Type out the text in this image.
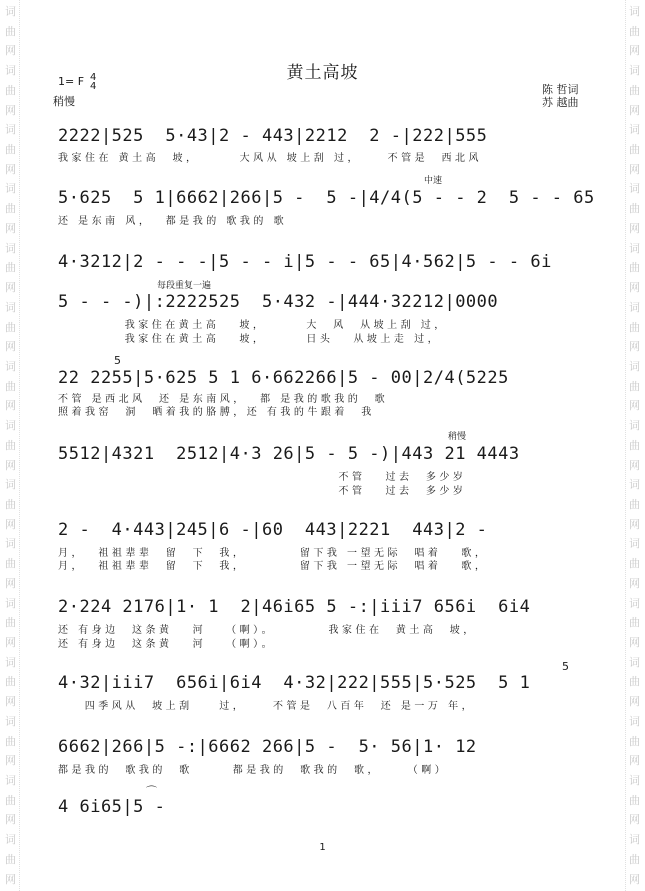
词
曲
网
词
曲
网
词
曲
网
词
曲
网
词
曲
网
词
曲
网
词
曲
网
词
曲
网
词
曲
网
词
曲
网
词
曲
网
词
曲
网
词
曲
网
词
曲
网
词
曲
网
词
曲
网
词
曲
网
词
曲
网
词
曲
网
词
曲
网
词
曲
网
词
曲
网
词
曲
网
词
曲
网
词
曲
网
词
曲
网
词
曲
网
词
曲
网
词
曲
网
词
曲
网
黄土高坡
1= F 4
4
稍慢
陈 哲词
苏 越曲
2222|525  5·43|2 - 443|2212  2 -|222|555
我家住在 黄土高  坡，      大风从 坡上刮 过，    不管是  西北风
中速
5·625  5 1|6662|266|5 -  5 -|4/4(5 - - 2  5 - - 65
还 是东南 风，  都是我的 歌我的 歌
4·3212|2 - - -|5 - - i|5 - - 65|4·562|5 - - 6i
每段重复一遍
5 - - -)|:2222525  5·432 -|444·32212|0000
我家住在黄土高   坡，      大  风  从坡上刮 过，
我家住在黄土高   坡，      日头   从坡上走 过，
5
22 2255|5·625 5 1 6·662266|5 - 00|2/4(5225
不管 是西北风  还 是东南风，  都 是我的歌我的  歌
照着我窑  洞  晒着我的胳膊，还 有我的牛跟着  我
稍慢
5512|4321  2512|4·3 26|5 - 5 -)|443 21 4443
不管   过去  多少岁
不管   过去  多少岁
2 -  4·443|245|6 -|60  443|2221  443|2 -
月，  祖祖辈辈  留  下  我，        留下我 一望无际  唱着   歌，
月，  祖祖辈辈  留  下  我，        留下我 一望无际  唱着   歌，
2·224 2176|1· 1  2|46i65 5 -:|iii7 656i  6i4
还 有身边  这条黄   河   （啊）。        我家住在  黄土高  坡，
还 有身边  这条黄   河   （啊）。
5
4·32|iii7  656i|6i4  4·32|222|555|5·525  5 1
四季风从  坡上刮    过，    不管是  八百年  还 是一万 年，
6662|266|5 -:|6662 266|5 -  5· 56|1· 12
都是我的  歌我的  歌      都是我的  歌我的  歌，    （啊）
⌒
4 6i65|5 -
1
